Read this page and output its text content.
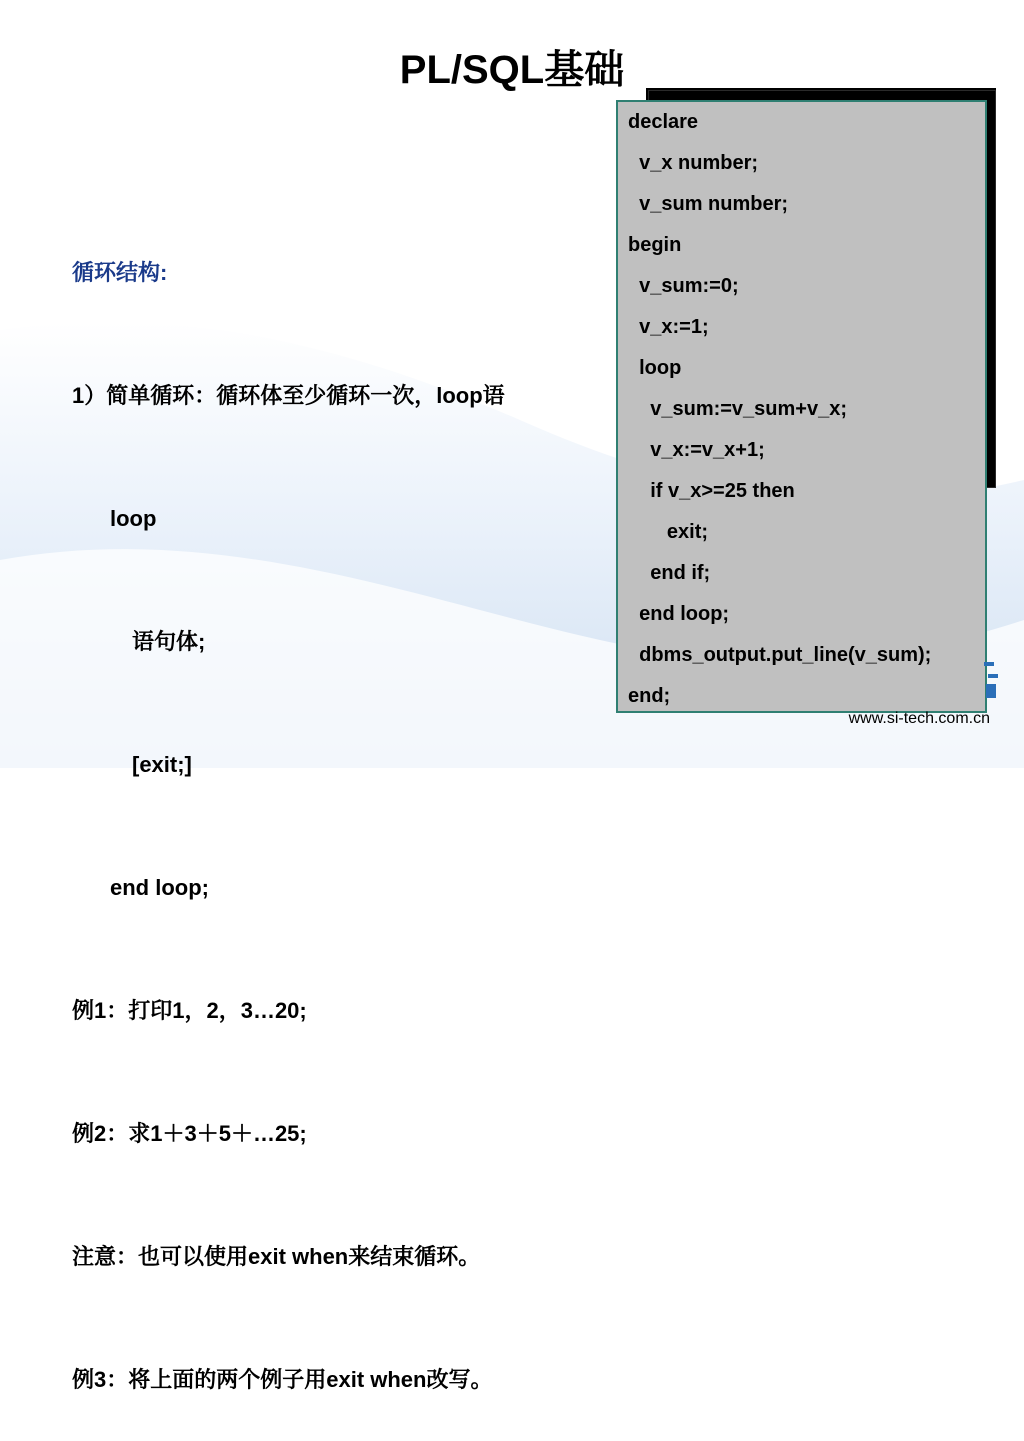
PL/SQL基础

循环结构:

1）简单循环：循环体至少循环一次，loop语

loop

语句体;

[exit;]

end loop;

例1：打印1，2，3…20;

例2：求1＋3＋5＋…25;

注意：也可以使用exit when来结束循环。

例3：将上面的两个例子用exit when改写。

declare
v_x number;
v_sum number;
begin
v_sum:=0;
v_x:=1;
loop
v_sum:=v_sum+v_x;
v_x:=v_x+1;
if v_x>=25 then
exit;
end if;
end loop;
dbms_output.put_line(v_sum);
end;
www.si-tech.com.cn
